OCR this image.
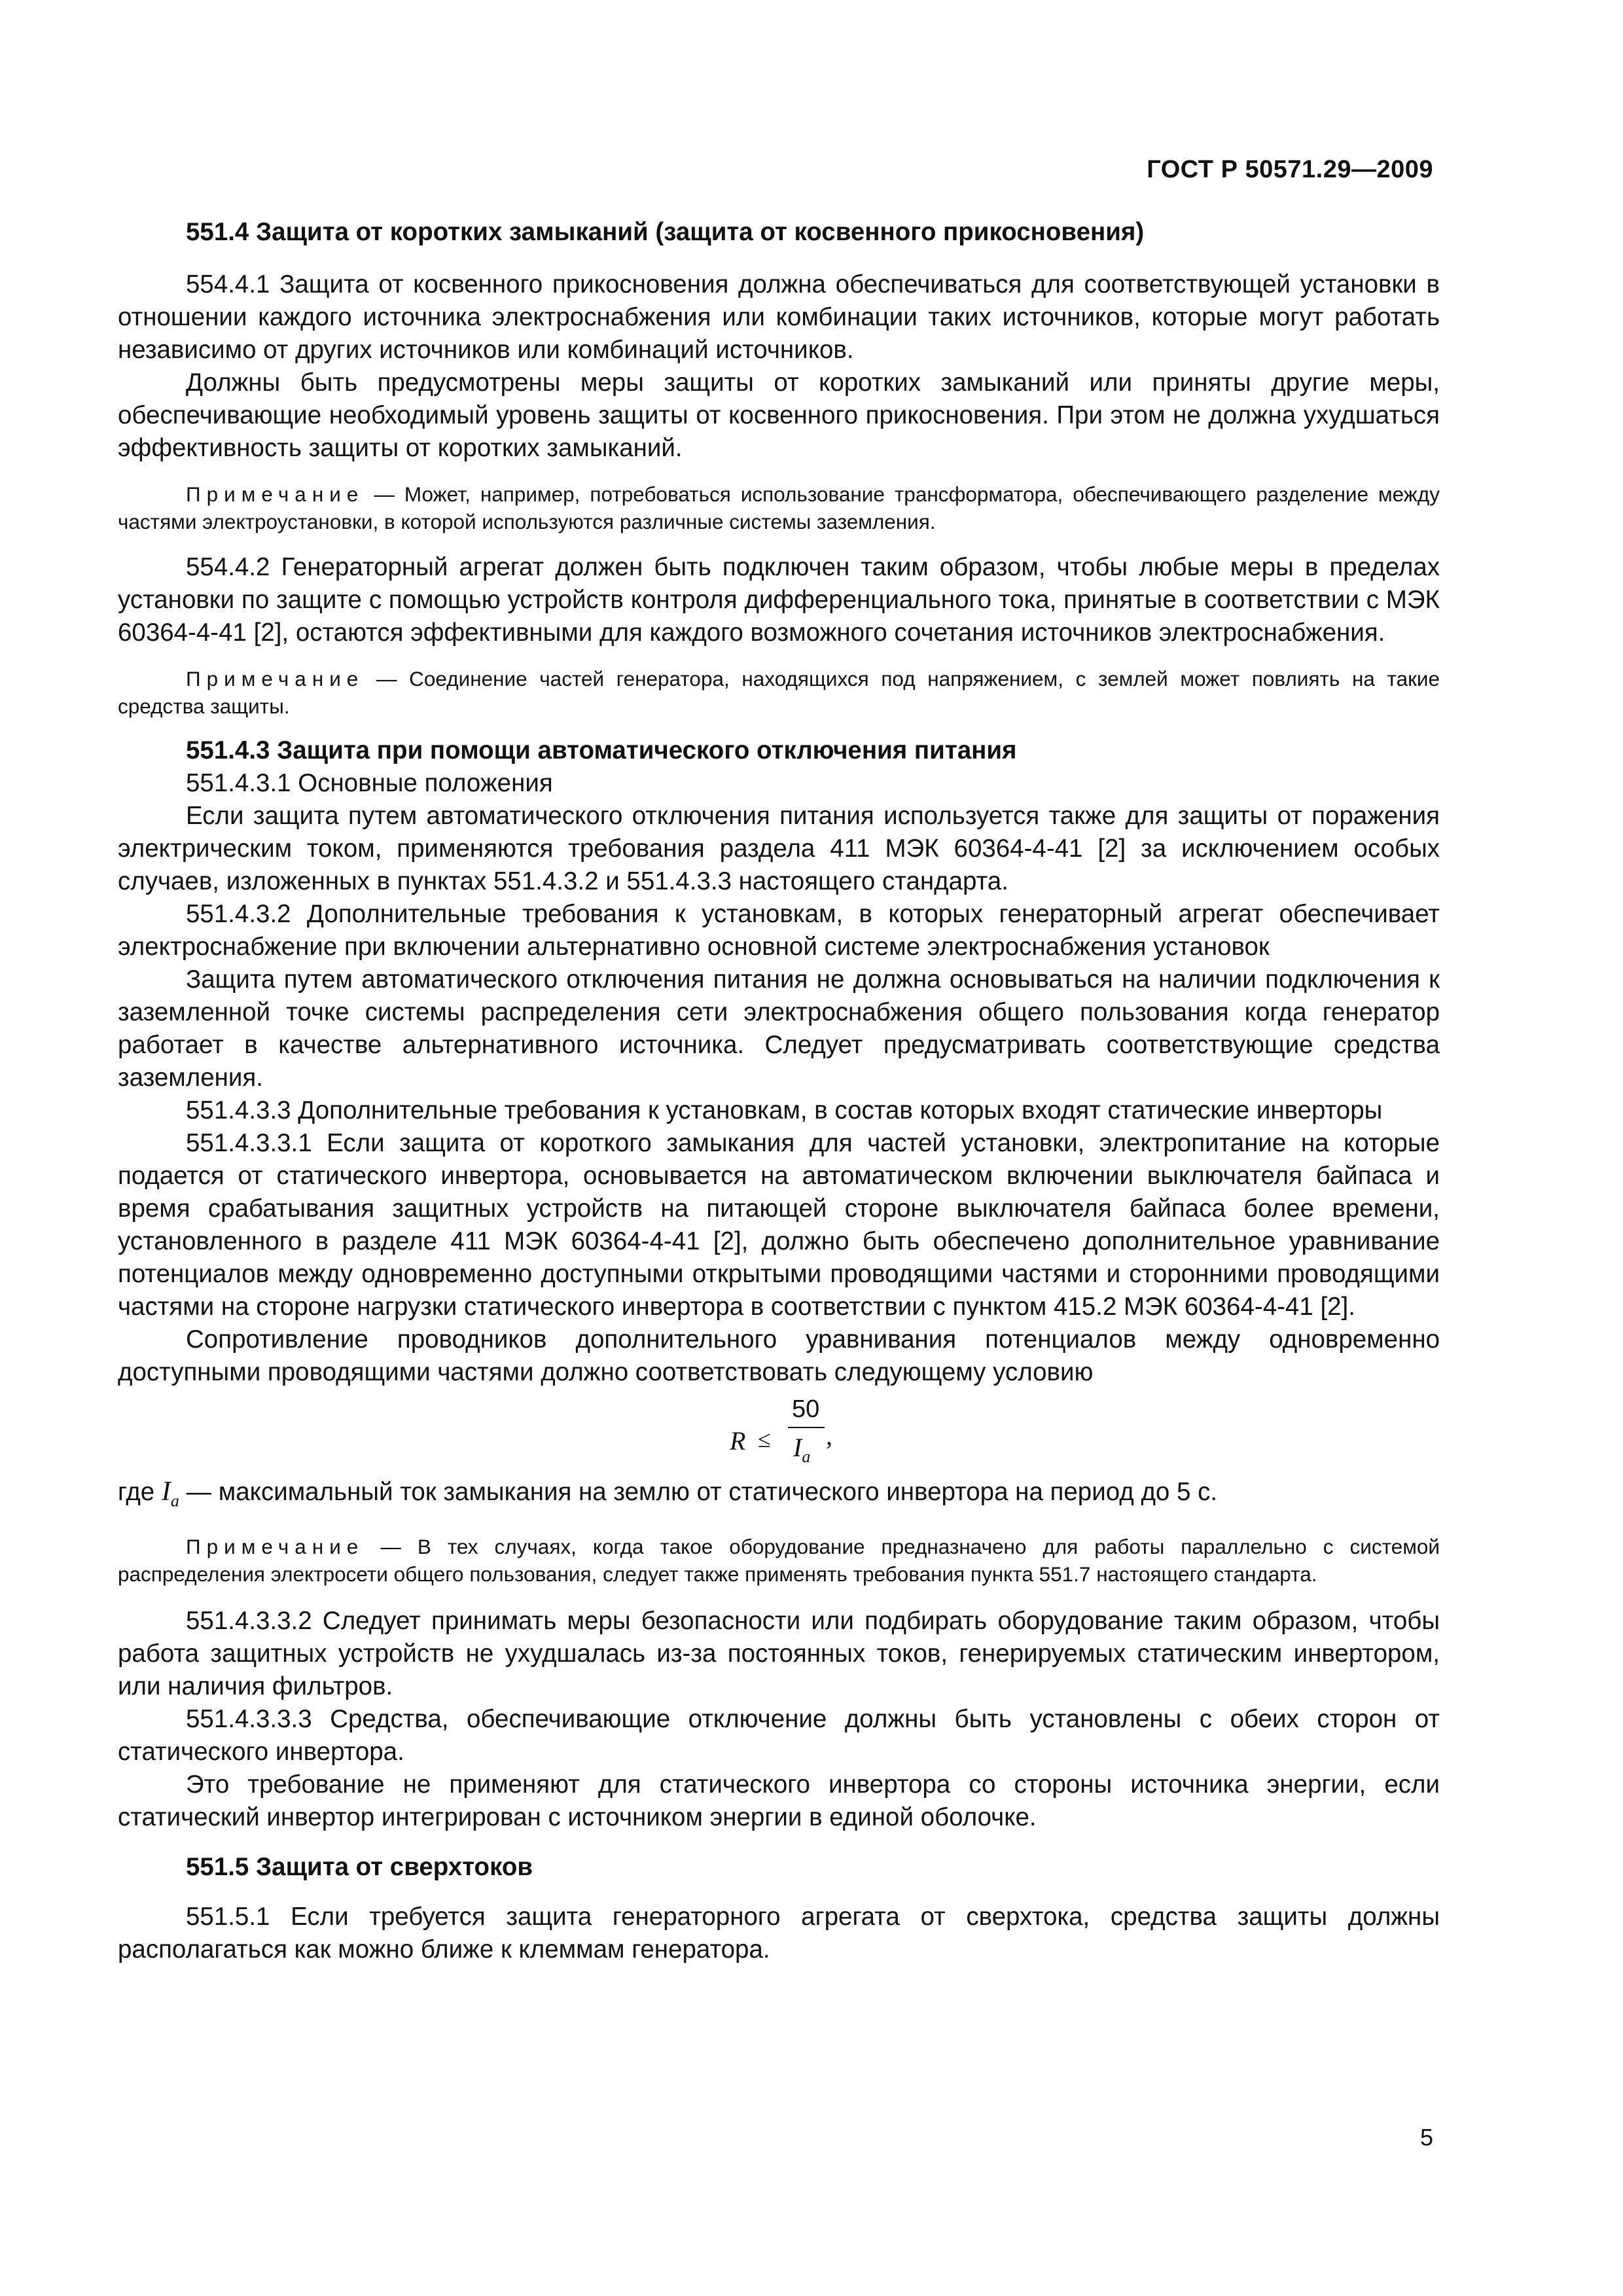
ГОСТ Р 50571.29—2009

551.4 Защита от коротких замыканий (защита от косвенного прикосновения)

554.4.1 Защита от косвенного прикосновения должна обеспечиваться для соответствующей установки в отношении каждого источника электроснабжения или комбинации таких источников, которые могут работать независимо от других источников или комбинаций источников.

Должны быть предусмотрены меры защиты от коротких замыканий или приняты другие меры, обеспечивающие необходимый уровень защиты от косвенного прикосновения. При этом не должна ухудшаться эффективность защиты от коротких замыканий.

Примечание — Может, например, потребоваться использование трансформатора, обеспечивающего разделение между частями электроустановки, в которой используются различные системы заземления.

554.4.2 Генераторный агрегат должен быть подключен таким образом, чтобы любые меры в пределах установки по защите с помощью устройств контроля дифференциального тока, принятые в соответствии с МЭК 60364-4-41 [2], остаются эффективными для каждого возможного сочетания источников электроснабжения.

Примечание — Соединение частей генератора, находящихся под напряжением, с землей может повлиять на такие средства защиты.

551.4.3 Защита при помощи автоматического отключения питания

551.4.3.1 Основные положения

Если защита путем автоматического отключения питания используется также для защиты от поражения электрическим током, применяются требования раздела 411 МЭК 60364-4-41 [2] за исключением особых случаев, изложенных в пунктах 551.4.3.2 и 551.4.3.3 настоящего стандарта.

551.4.3.2 Дополнительные требования к установкам, в которых генераторный агрегат обеспечивает электроснабжение при включении альтернативно основной системе электроснабжения установок

Защита путем автоматического отключения питания не должна основываться на наличии подключения к заземленной точке системы распределения сети электроснабжения общего пользования когда генератор работает в качестве альтернативного источника. Следует предусматривать соответствующие средства заземления.

551.4.3.3 Дополнительные требования к установкам, в состав которых входят статические инверторы

551.4.3.3.1 Если защита от короткого замыкания для частей установки, электропитание на которые подается от статического инвертора, основывается на автоматическом включении выключателя байпаса и время срабатывания защитных устройств на питающей стороне выключателя байпаса более времени, установленного в разделе 411 МЭК 60364-4-41 [2], должно быть обеспечено дополнительное уравнивание потенциалов между одновременно доступными открытыми проводящими частями и сторонними проводящими частями на стороне нагрузки статического инвертора в соответствии с пунктом 415.2 МЭК 60364-4-41 [2].

Сопротивление проводников дополнительного уравнивания потенциалов между одновременно доступными проводящими частями должно соответствовать следующему условию

R ≤
50
$I_a$
,

где $I_a$ — максимальный ток замыкания на землю от статического инвертора на период до 5 с.

Примечание — В тех случаях, когда такое оборудование предназначено для работы параллельно с системой распределения электросети общего пользования, следует также применять требования пункта 551.7 настоящего стандарта.

551.4.3.3.2 Следует принимать меры безопасности или подбирать оборудование таким образом, чтобы работа защитных устройств не ухудшалась из-за постоянных токов, генерируемых статическим инвертором, или наличия фильтров.

551.4.3.3.3 Средства, обеспечивающие отключение должны быть установлены с обеих сторон от статического инвертора.

Это требование не применяют для статического инвертора со стороны источника энергии, если статический инвертор интегрирован с источником энергии в единой оболочке.

551.5 Защита от сверхтоков

551.5.1 Если требуется защита генераторного агрегата от сверхтока, средства защиты должны располагаться как можно ближе к клеммам генератора.

5
